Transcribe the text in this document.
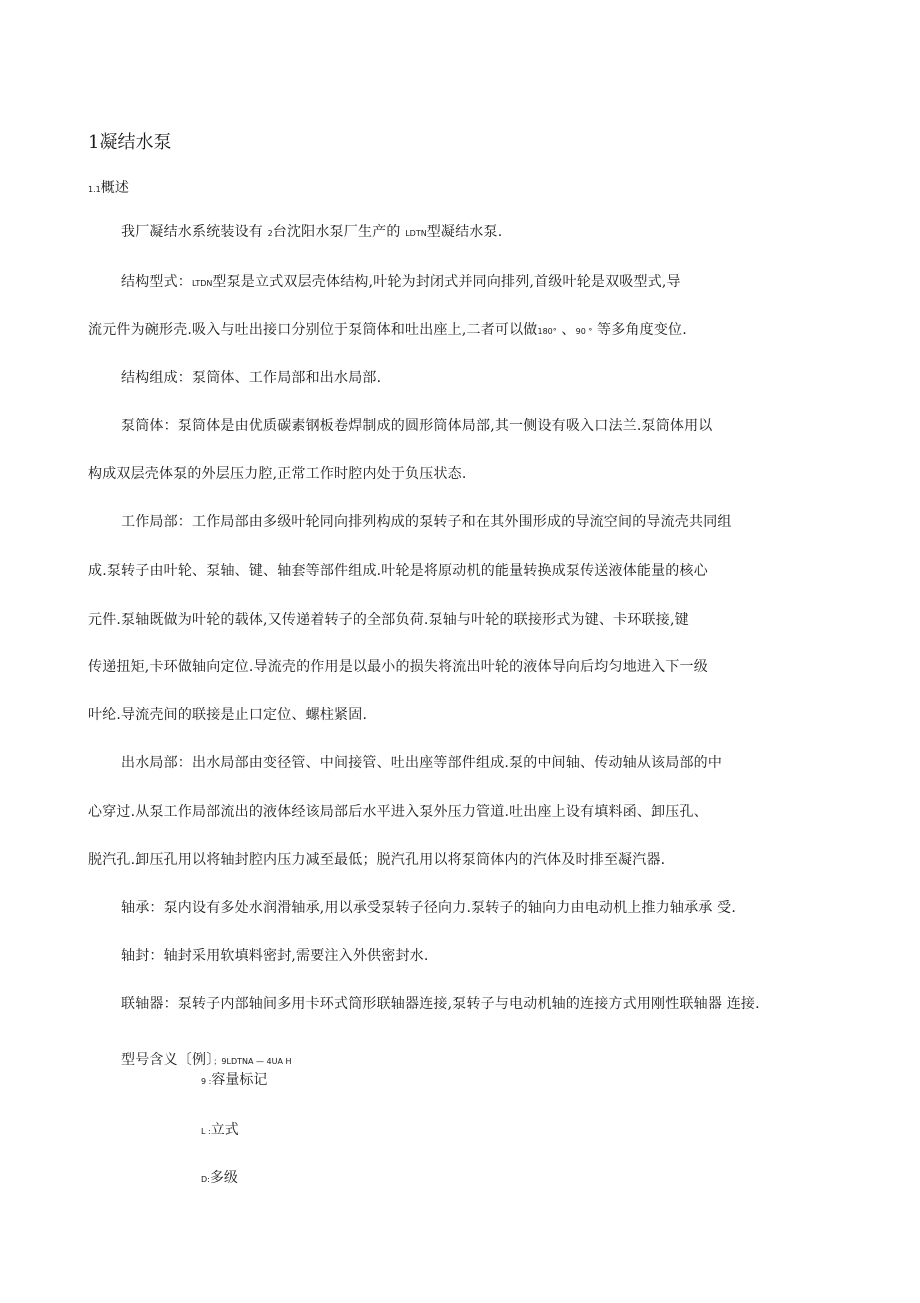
1凝结水泵
1.1概述
我厂凝结水系统装设有 2台沈阳水泵厂生产的 LDTN型凝结水泵.
结构型式：LTDN型泵是立式双层壳体结构,叶轮为封闭式并同向排列,首级叶轮是双吸型式,导
流元件为碗形壳.吸入与吐出接口分别位于泵筒体和吐出座上,二者可以做180° 、90 ° 等多角度变位.
结构组成：泵筒体、工作局部和出水局部.
泵筒体：泵筒体是由优质碳素钢板卷焊制成的圆形筒体局部,其一侧设有吸入口法兰.泵筒体用以
构成双层壳体泵的外层压力腔,正常工作时腔内处于负压状态.
工作局部：工作局部由多级叶轮同向排列构成的泵转子和在其外围形成的导流空间的导流壳共同组
成.泵转子由叶轮、泵轴、键、轴套等部件组成.叶轮是将原动机的能量转换成泵传送液体能量的核心
元件.泵轴既做为叶轮的载体,又传递着转子的全部负荷.泵轴与叶轮的联接形式为键、卡环联接,键
传递扭矩,卡环做轴向定位.导流壳的作用是以最小的损失将流出叶轮的液体导向后均匀地进入下一级
叶纶.导流壳间的联接是止口定位、螺柱紧固.
出水局部：出水局部由变径管、中间接管、吐出座等部件组成.泵的中间轴、传动轴从该局部的中
心穿过.从泵工作局部流出的液体经该局部后水平进入泵外压力管道.吐出座上设有填料函、卸压孔、
脱汽孔.卸压孔用以将轴封腔内压力减至最低；脱汽孔用以将泵筒体内的汽体及时排至凝汽器.
轴承：泵内设有多处水润滑轴承,用以承受泵转子径向力.泵转子的轴向力由电动机上推力轴承承 受.
轴封：轴封采用软填料密封,需要注入外供密封水.
联轴器：泵转子内部轴间多用卡环式筒形联轴器连接,泵转子与电动机轴的连接方式用刚性联轴器 连接.
型号含义〔例〕；9LDTNA — 4UA H
9 :容量标记
L :立式
D:多级
